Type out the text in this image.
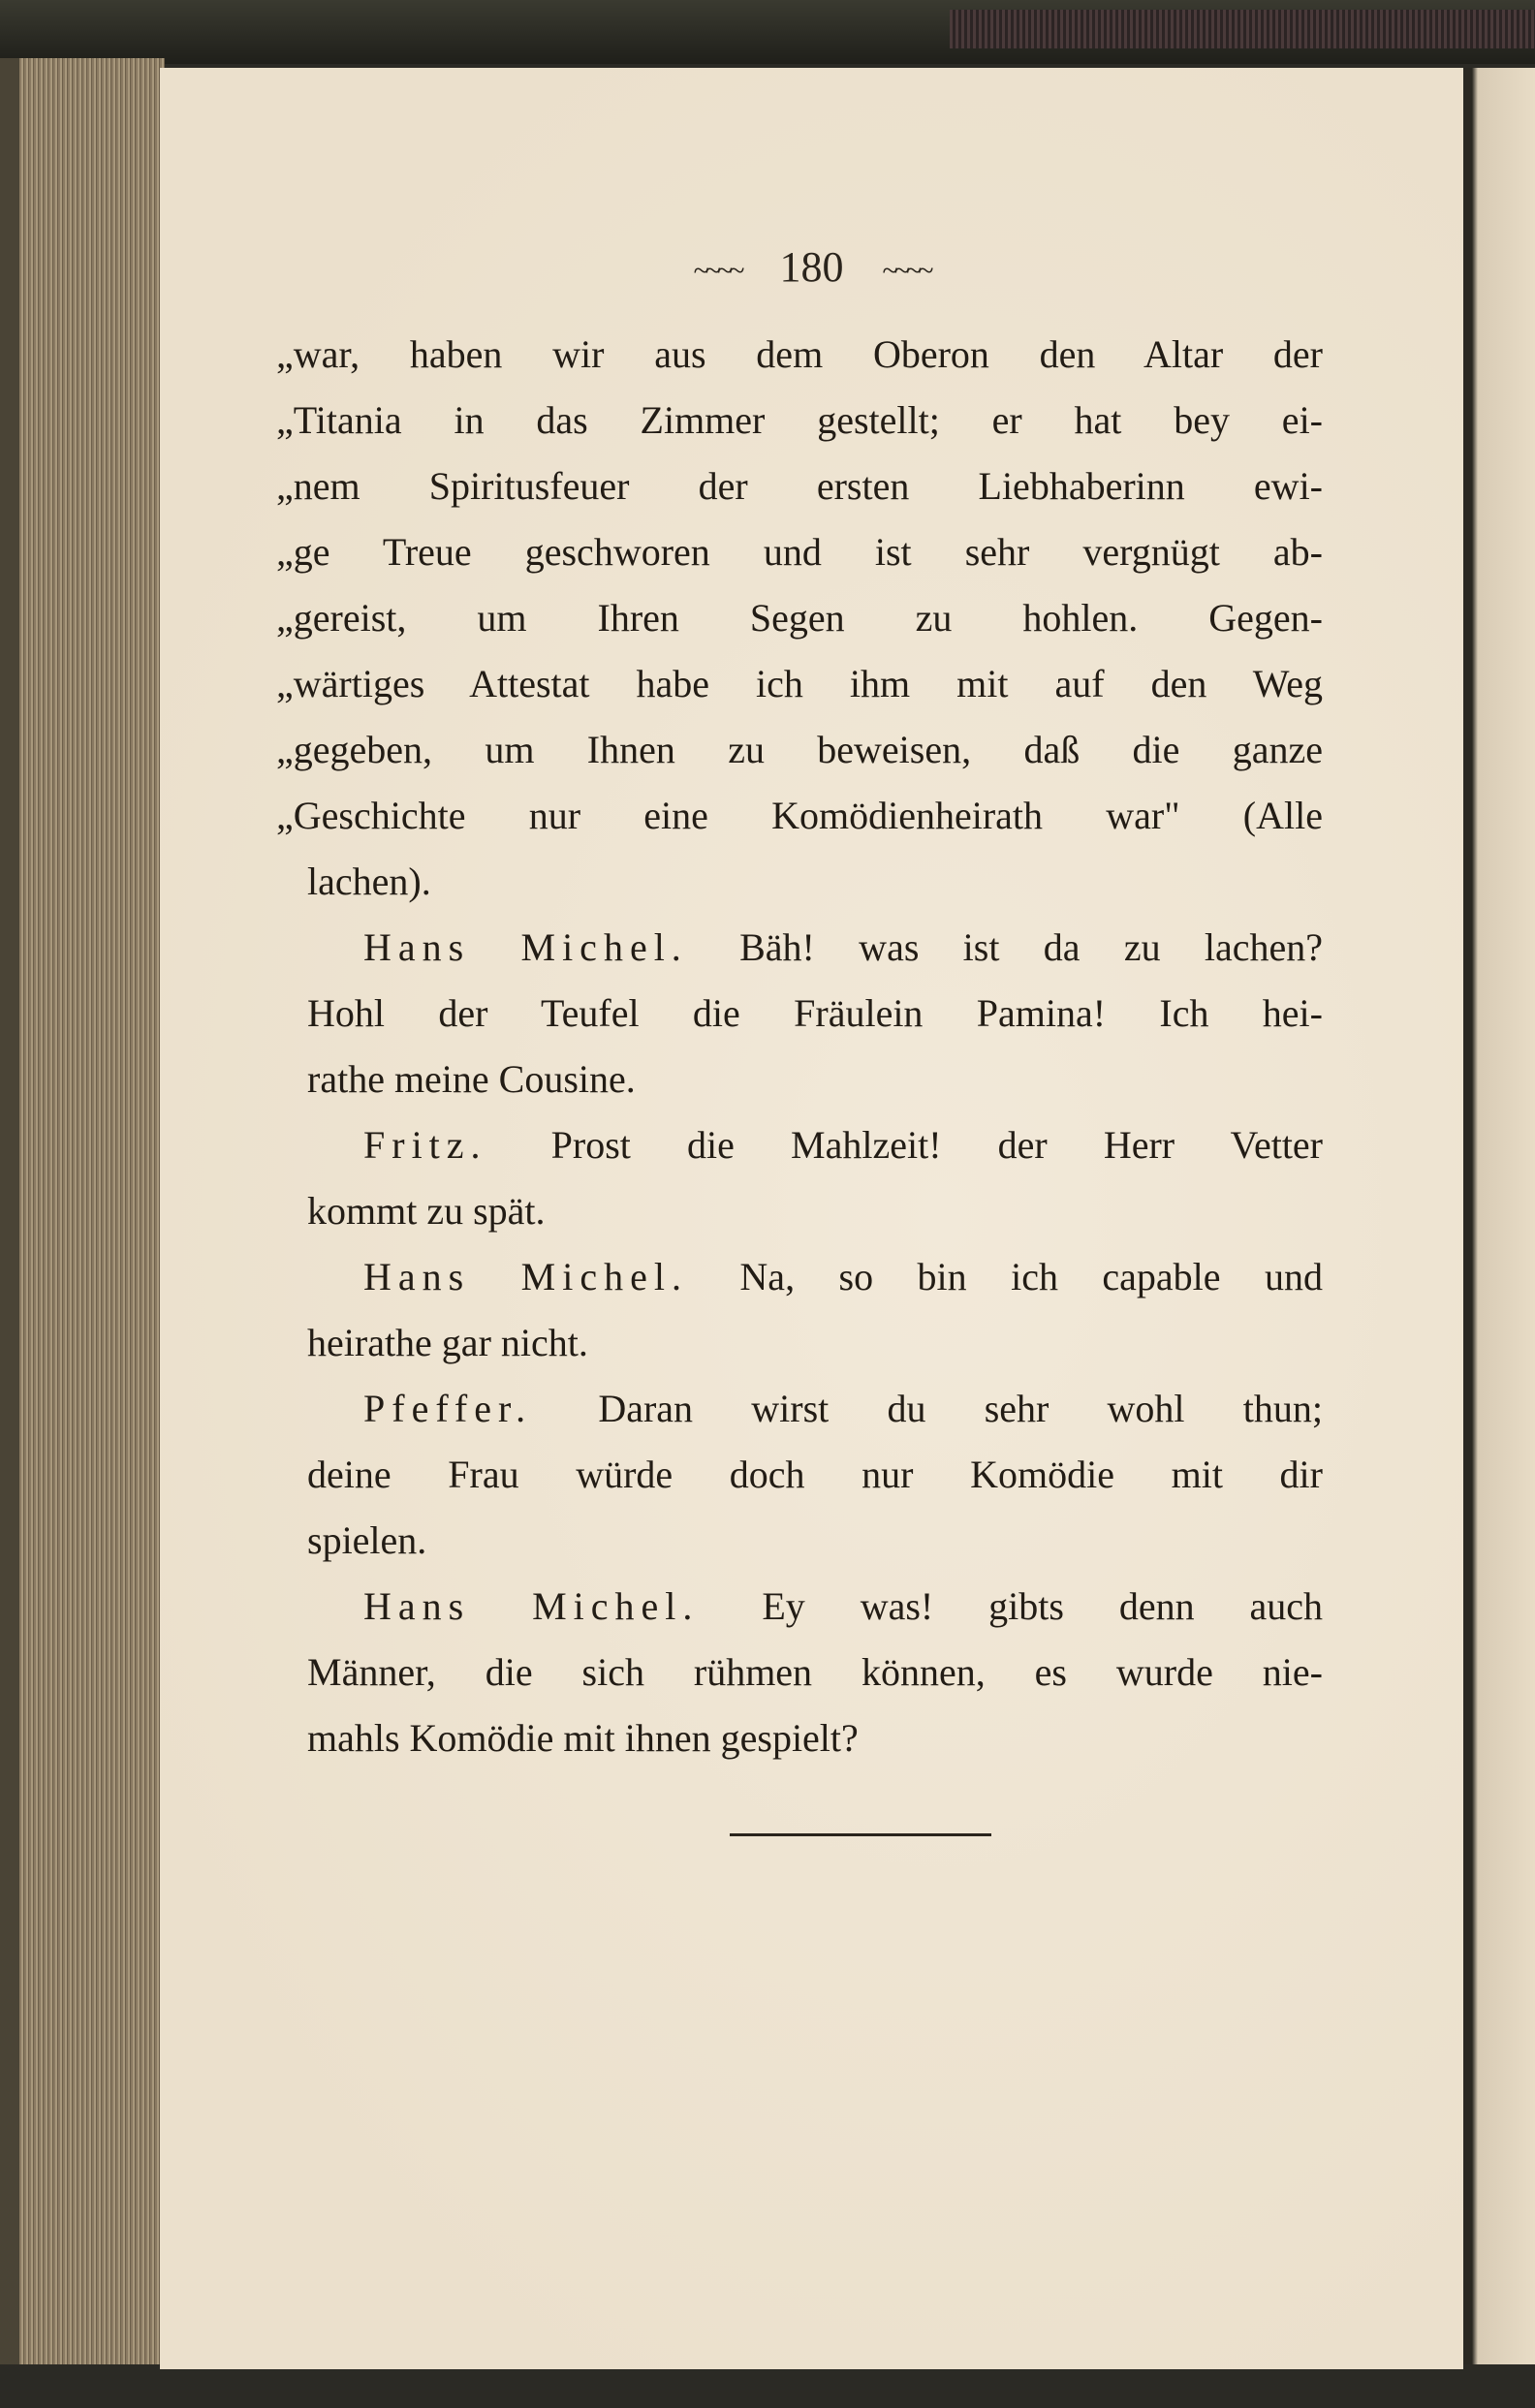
~~~~ 180 ~~~~
„war, haben wir aus dem Oberon den Altar der
„Titania in das Zimmer gestellt; er hat bey ei-
„nem Spiritusfeuer der ersten Liebhaberinn ewi-
„ge Treue geschworen und ist sehr vergnügt ab-
„gereist, um Ihren Segen zu hohlen. Gegen-
„wärtiges Attestat habe ich ihm mit auf den Weg
„gegeben, um Ihnen zu beweisen, daß die ganze
„Geschichte nur eine Komödienheirath war" (Alle
lachen).
Hans Michel. Bäh! was ist da zu lachen?
Hohl der Teufel die Fräulein Pamina! Ich hei-
rathe meine Cousine.
Fritz. Prost die Mahlzeit! der Herr Vetter
kommt zu spät.
Hans Michel. Na, so bin ich capable und
heirathe gar nicht.
Pfeffer. Daran wirst du sehr wohl thun;
deine Frau würde doch nur Komödie mit dir
spielen.
Hans Michel. Ey was! gibts denn auch
Männer, die sich rühmen können, es wurde nie-
mahls Komödie mit ihnen gespielt?
